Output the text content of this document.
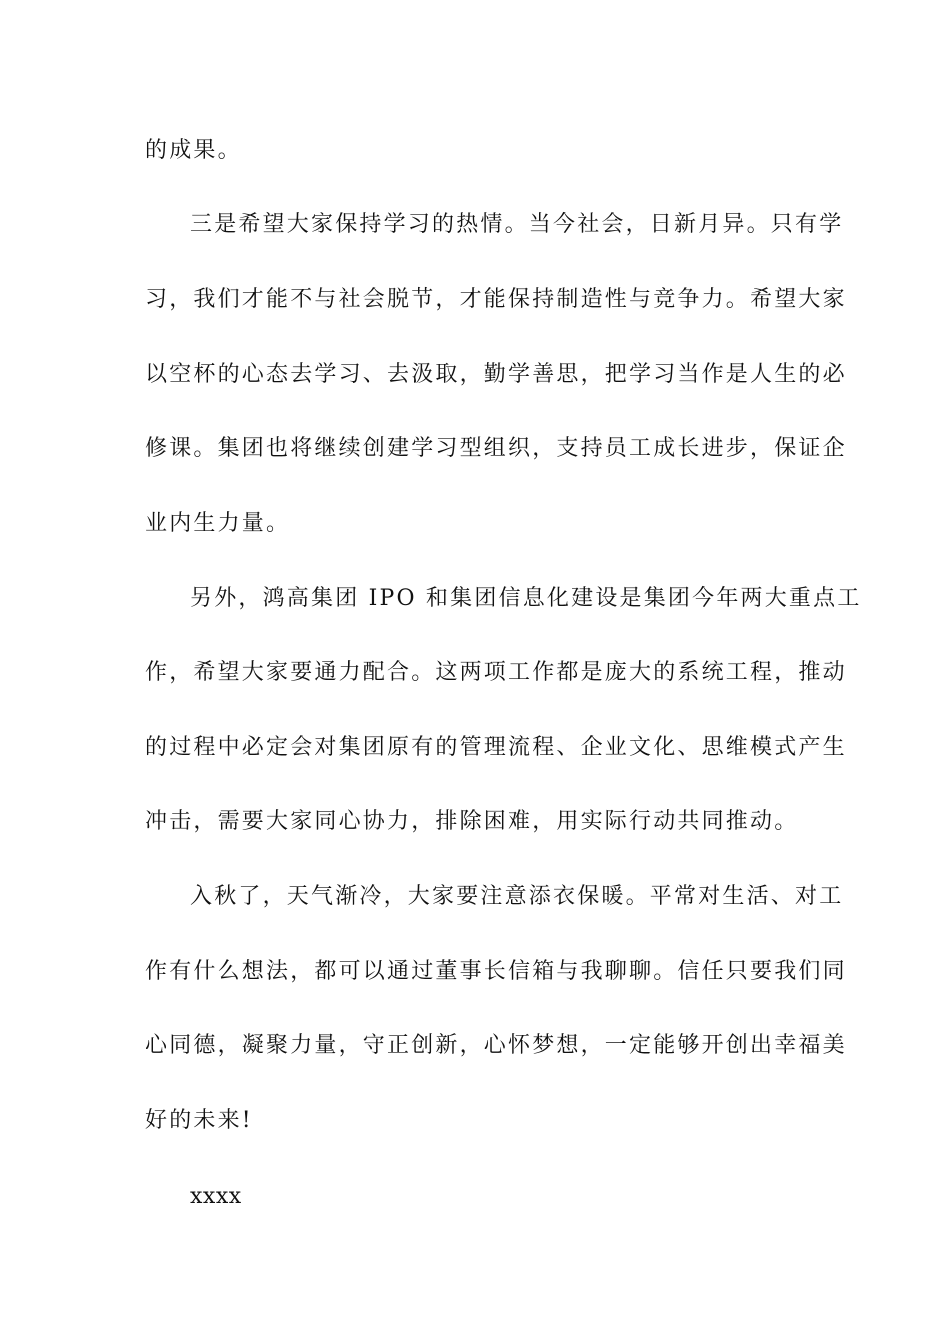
的成果。
三是希望大家保持学习的热情。当今社会，日新月异。只有学
习，我们才能不与社会脱节，才能保持制造性与竞争力。希望大家
以空杯的心态去学习、去汲取，勤学善思，把学习当作是人生的必
修课。集团也将继续创建学习型组织，支持员工成长进步，保证企
业内生力量。
另外，鸿高集团 IPO 和集团信息化建设是集团今年两大重点工
作，希望大家要通力配合。这两项工作都是庞大的系统工程，推动
的过程中必定会对集团原有的管理流程、企业文化、思维模式产生
冲击，需要大家同心协力，排除困难，用实际行动共同推动。
入秋了，天气渐冷，大家要注意添衣保暖。平常对生活、对工
作有什么想法，都可以通过董事长信箱与我聊聊。信任只要我们同
心同德，凝聚力量，守正创新，心怀梦想，一定能够开创出幸福美
好的未来!
xxxx
